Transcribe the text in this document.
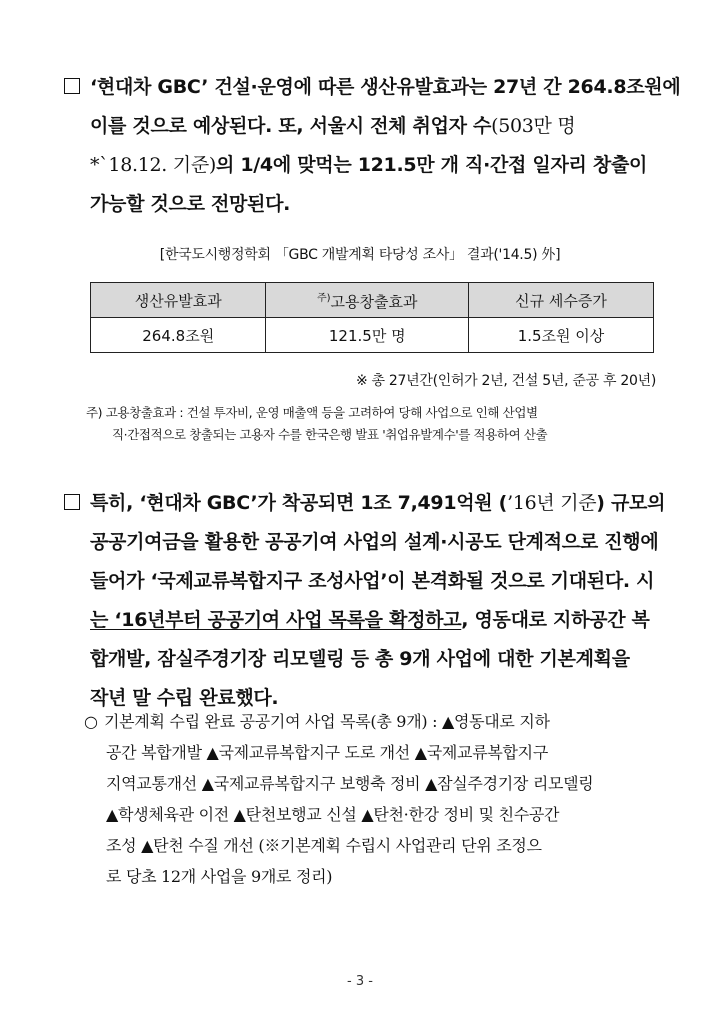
‘현대차 GBC’ 건설·운영에 따른 생산유발효과는 27년 간 264.8조원에
이를 것으로 예상된다. 또, 서울시 전체 취업자 수(503만 명
*`18.12. 기준)의 1/4에 맞먹는 121.5만 개 직·간접 일자리 창출이
가능할 것으로 전망된다.
[한국도시행정학회 「GBC 개발계획 타당성 조사」 결과('14.5) 外]
생산유발효과	$^{주)}$고용창출효과	신규 세수증가
264.8조원	121.5만 명	1.5조원 이상
※ 총 27년간(인허가 2년, 건설 5년, 준공 후 20년)
주) 고용창출효과 : 건설 투자비, 운영 매출액 등을 고려하여 당해 사업으로 인해 산업별
직·간접적으로 창출되는 고용자 수를 한국은행 발표 '취업유발계수'를 적용하여 산출
특히, ‘현대차 GBC’가 착공되면 1조 7,491억원 (’16년 기준) 규모의
공공기여금을 활용한 공공기여 사업의 설계·시공도 단계적으로 진행에
들어가 ‘국제교류복합지구 조성사업’이 본격화될 것으로 기대된다. 시
는 ‘16년부터 공공기여 사업 목록을 확정하고, 영동대로 지하공간 복
합개발, 잠실주경기장 리모델링 등 총 9개 사업에 대한 기본계획을
작년 말 수립 완료했다.
○ 기본계획 수립 완료 공공기여 사업 목록(총 9개) : ▲영동대로 지하
공간 복합개발 ▲국제교류복합지구 도로 개선 ▲국제교류복합지구
지역교통개선 ▲국제교류복합지구 보행축 정비 ▲잠실주경기장 리모델링
▲학생체육관 이전 ▲탄천보행교 신설 ▲탄천·한강 정비 및 친수공간
조성 ▲탄천 수질 개선 (※기본계획 수립시 사업관리 단위 조정으
로 당초 12개 사업을 9개로 정리)
- 3 -
